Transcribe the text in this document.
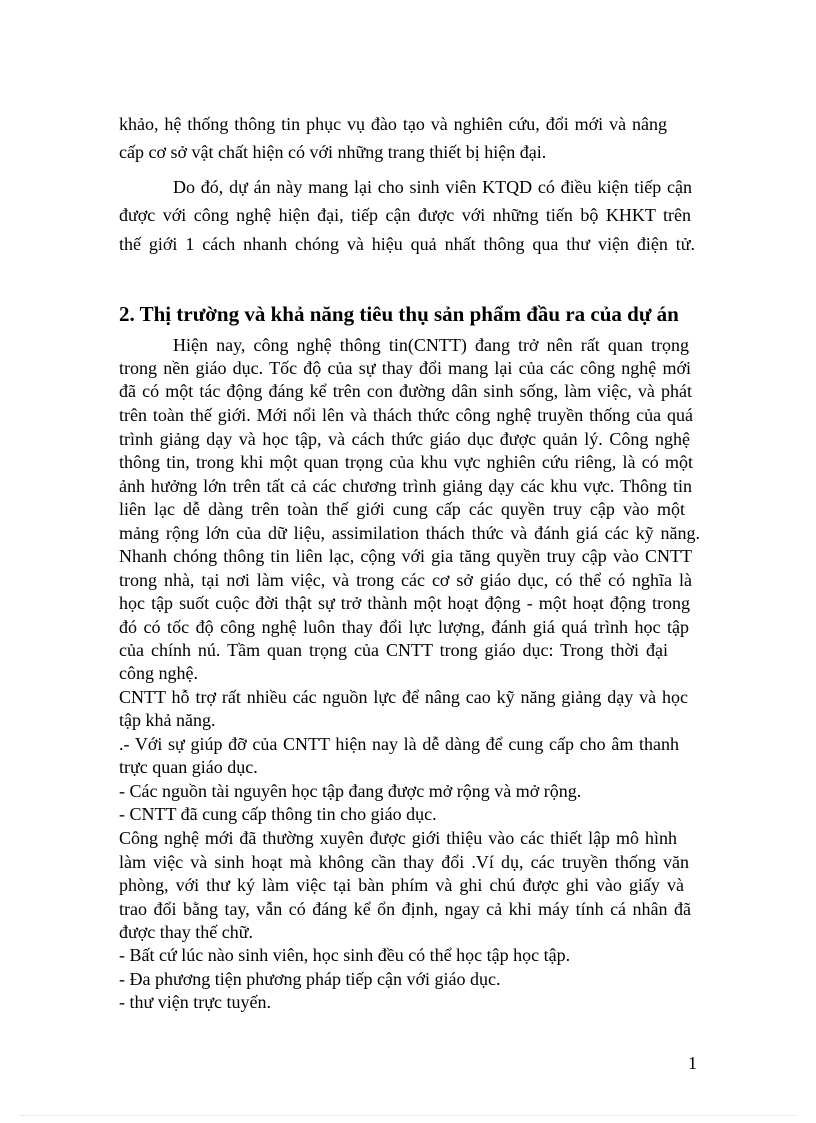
khảo, hệ thống thông tin phục vụ đào tạo và nghiên cứu, đổi mới và nâng

cấp cơ sở vật chất hiện có với những trang thiết bị hiện đại.

Do đó, dự án này mang lại cho sinh viên KTQD có điều kiện tiếp cận

được với công nghệ hiện đại, tiếp cận được với những tiến bộ KHKT trên

thế giới 1 cách nhanh chóng và hiệu quả nhất thông qua thư viện điện tử.

2. Thị trường và khả năng tiêu thụ sản phẩm đầu ra của dự án

Hiện nay, công nghệ thông tin(CNTT) đang trở nên rất quan trọng

trong nền giáo dục. Tốc độ của sự thay đổi mang lại của các công nghệ mới

đã có một tác động đáng kể trên con đường dân sinh sống, làm việc, và phát

trên toàn thế giới. Mới nổi lên và thách thức công nghệ truyền thống của quá

trình giảng dạy và học tập, và cách thức giáo dục được quản lý. Công nghệ

thông tin, trong khi một quan trọng của khu vực nghiên cứu riêng, là có một

ảnh hưởng lớn trên tất cả các chương trình giảng dạy các khu vực. Thông tin

liên lạc dễ dàng trên toàn thế giới cung cấp các quyền truy cập vào một

mảng rộng lớn của dữ liệu, assimilation thách thức và đánh giá các kỹ năng.

Nhanh chóng thông tin liên lạc, cộng với gia tăng quyền truy cập vào CNTT

trong nhà, tại nơi làm việc, và trong các cơ sở giáo dục, có thể có nghĩa là

học tập suốt cuộc đời thật sự trở thành một hoạt động - một hoạt động trong

đó có tốc độ công nghệ luôn thay đổi lực lượng, đánh giá quá trình học tập

của chính nú. Tầm quan trọng của CNTT trong giáo dục: Trong thời đại

công nghệ.

CNTT hỗ trợ rất nhiều các nguồn lực để nâng cao kỹ năng giảng dạy và học

tập khả năng.

.- Với sự giúp đỡ của CNTT hiện nay là dễ dàng để cung cấp cho âm thanh

trực quan giáo dục.

- Các nguồn tài nguyên học tập đang được mở rộng và mở rộng.

- CNTT đã cung cấp thông tin cho giáo dục.

Công nghệ mới đã thường xuyên được giới thiệu vào các thiết lập mô hình

làm việc và sinh hoạt mà không cần thay đổi .Ví dụ, các truyền thống văn

phòng, với thư ký làm việc tại bàn phím và ghi chú được ghi vào giấy và

trao đổi bằng tay, vẫn có đáng kể ổn định, ngay cả khi máy tính cá nhân đã

được thay thế chữ.

- Bất cứ lúc nào sinh viên, học sinh đều có thể học tập học tập.

- Đa phương tiện phương pháp tiếp cận với giáo dục.

- thư viện trực tuyến.

1
